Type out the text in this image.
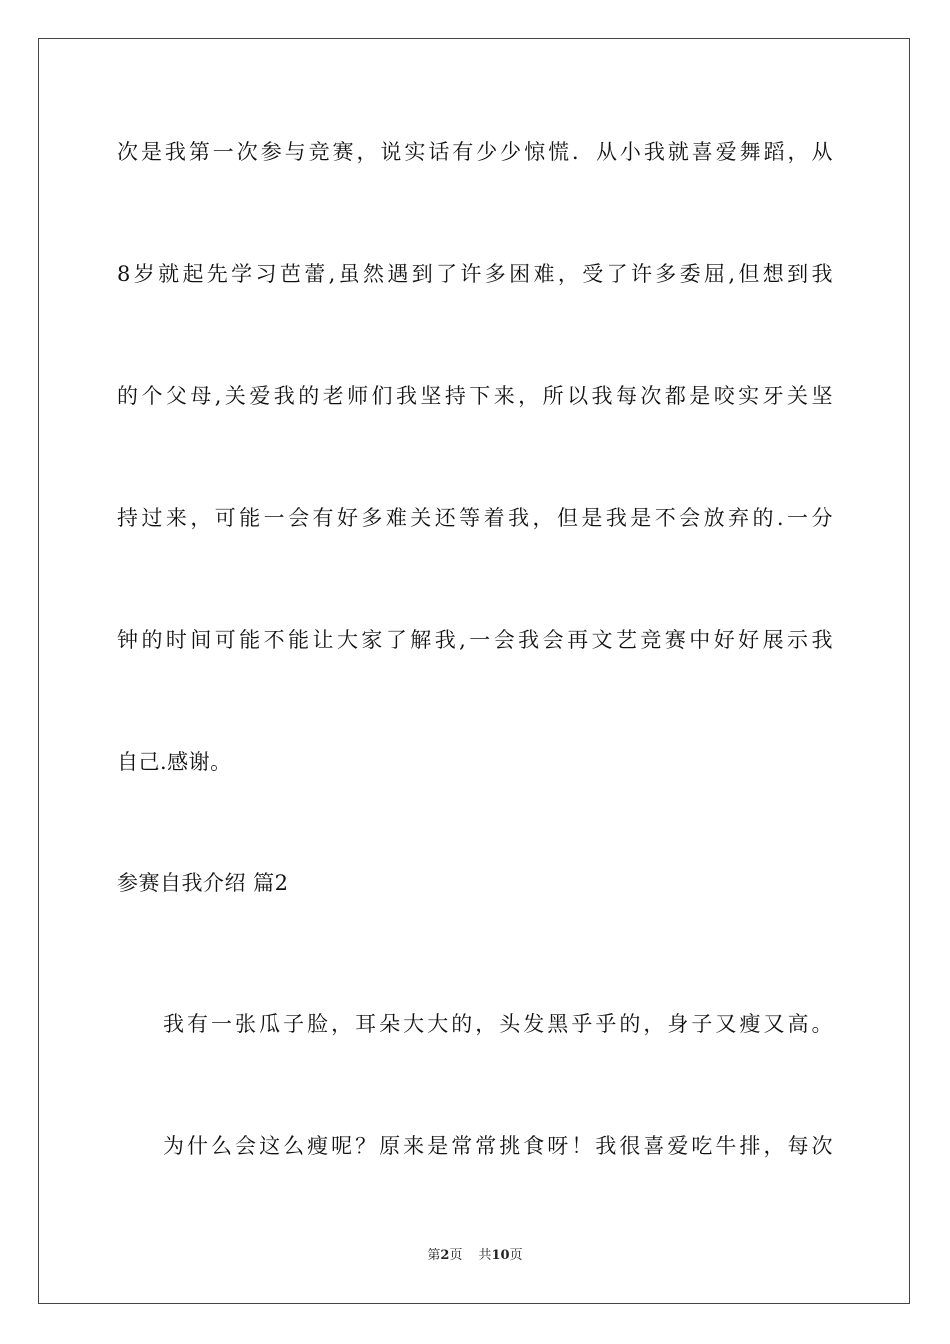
次是我第一次参与竞赛，说实话有少少惊慌．从小我就喜爱舞蹈，从
8岁就起先学习芭蕾,虽然遇到了许多困难，受了许多委屈,但想到我
的个父母,关爱我的老师们我坚持下来，所以我每次都是咬实牙关坚
持过来，可能一会有好多难关还等着我，但是我是不会放弃的.一分
钟的时间可能不能让大家了解我,一会我会再文艺竞赛中好好展示我
自己.感谢。
参赛自我介绍 篇2
我有一张瓜子脸，耳朵大大的，头发黑乎乎的，身子又瘦又高。
为什么会这么瘦呢？原来是常常挑食呀！我很喜爱吃牛排，每次
第2页 共10页
